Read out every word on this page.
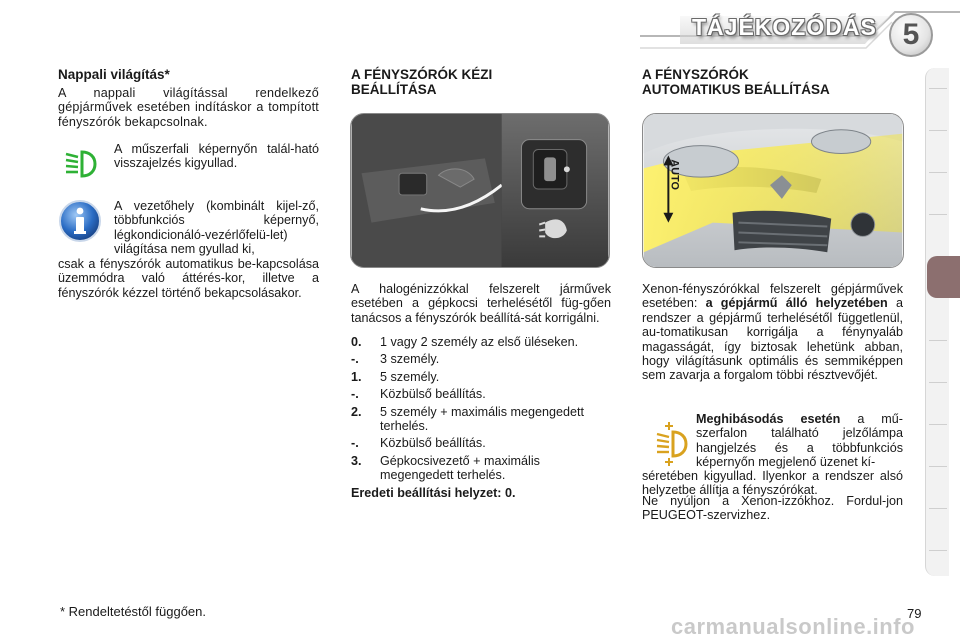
TÁJÉKOZÓDÁS 5
Nappali világítás*
A nappali világítással rendelkező gépjárművek esetében indításkor a tompított fényszórók bekapcsolnak.
A műszerfali képernyőn talál-ható visszajelzés kigyullad.
A vezetőhely (kombinált kijel-ző, többfunkciós képernyő, légkondicionáló-vezérlőfelü-let) világítása nem gyullad ki,
csak a fényszórók automatikus be-kapcsolása üzemmódra való áttérés-kor, illetve a fényszórók kézzel történő bekapcsolásakor.
A FÉNYSZÓRÓK KÉZI
BEÁLLÍTÁSA
A halogénizzókkal felszerelt járművek esetében a gépkocsi terhelésétől füg-gően tanácsos a fényszórók beállítá-sát korrigálni.
0.	1 vagy 2 személy az első üléseken.
-.	3 személy.
1.	5 személy.
-.	Közbülső beállítás.
2.	5 személy + maximális megengedett terhelés.
-.	Közbülső beállítás.
3.	Gépkocsivezető + maximális megengedett terhelés.
Eredeti beállítási helyzet: 0.
A FÉNYSZÓRÓK
AUTOMATIKUS BEÁLLÍTÁSA
AUTO
Xenon-fényszórókkal felszerelt gépjárművek esetében: a gépjármű álló helyzetében a rendszer a gépjármű terhelésétől függetlenül, au-tomatikusan korrigálja a fénynyaláb magasságát, így biztosak lehetünk abban, hogy világításunk optimális és semmiképpen sem zavarja a forgalom többi résztvevőjét.
Meghibásodás esetén a mű-szerfalon található jelzőlámpa hangjelzés és a többfunkciós képernyőn megjelenő üzenet kí-
séretében kigyullad. Ilyenkor a rendszer alsó helyzetbe állítja a fényszórókat.
Ne nyúljon a Xenon-izzókhoz. Fordul-jon PEUGEOT-szervizhez.
* Rendeltetéstől függően.
carmanualsonline.info
79
